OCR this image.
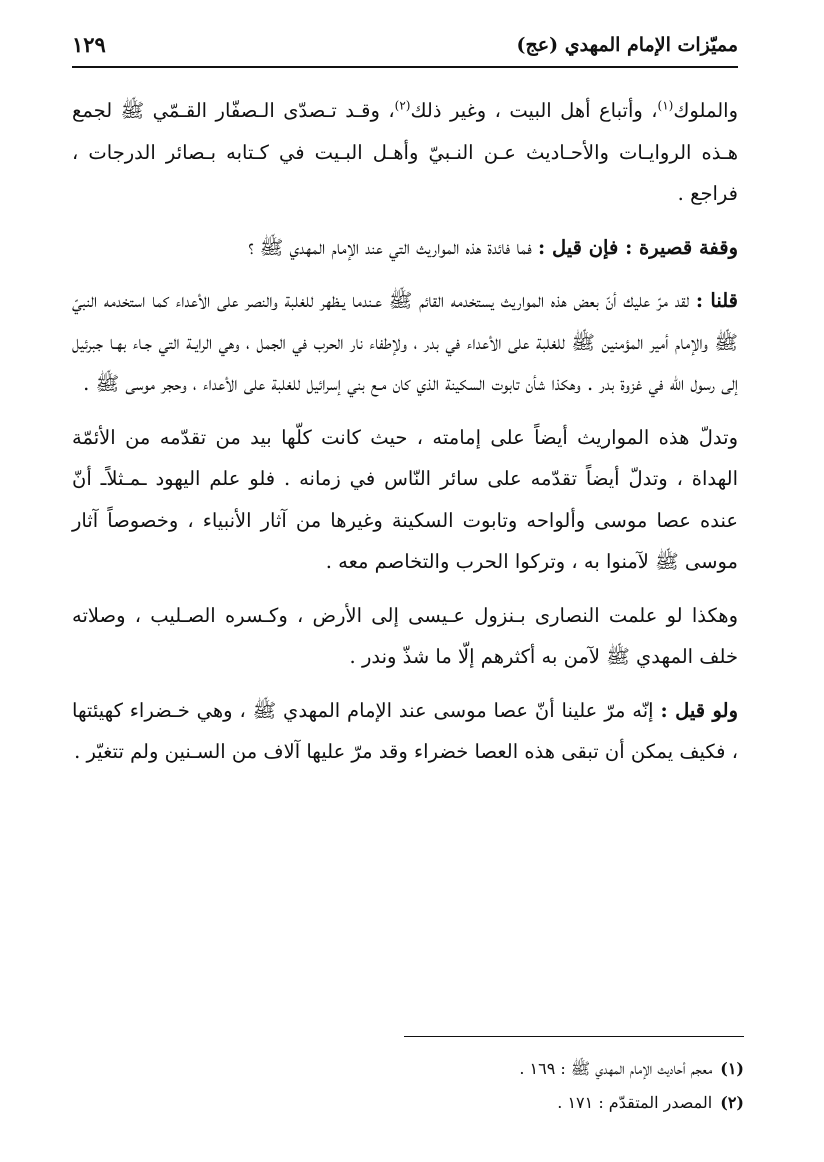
مميّزات الإمام المهدي (عج)
١٢٩

والملوك$^{(١)}$، وأتباع أهل البيت ، وغير ذلك$^{(٢)}$، وقـد تـصدّى الـصفّار القـمّي ﷺ لجمع هـذه الروايـات والأحـاديث عـن النـبيّ وأهـل البـيت في كـتابه بـصائر الدرجات ، فراجع .

وقفة قصيرة : فإن قيل : فما فائدة هذه المواريث التي عند الإمام المهدي ﷺ ؟

قلنا : لقد مرّ عليك أنّ بعض هذه المواريث يستخدمه القائم ﷺ عـندما يـظهر للغلبة والنصر على الأعداء كما استخدمه النبيّ ﷺ والإمام أمير المؤمنين ﷺ للغلبة على الأعداء في بدر ، ولإطفاء نار الحرب في الجمل ، وهي الرايـة التي جـاء بهـا جبرئيل إلى رسول الله في غزوة بدر . وهكذا شأن تابوت السكينة الذي كان مـع بني إسرائيل للغلبة على الأعداء ، وحجر موسى ﷺ .

وتدلّ هذه المواريث أيضاً على إمامته ، حيث كانت كلّها بيد من تقدّمه من الأئمّة الهداة ، وتدلّ أيضاً تقدّمه على سائر النّاس في زمانه . فلو علم اليهود ـمـثلاًـ أنّ عنده عصا موسى وألواحه وتابوت السكينة وغيرها من آثار الأنبياء ، وخصوصاً آثار موسى ﷺ لآمنوا به ، وتركوا الحرب والتخاصم معه .

وهكذا لو علمت النصارى بـنزول عـيسى إلى الأرض ، وكـسره الصـليب ، وصلاته خلف المهدي ﷺ لآمن به أكثرهم إلّا ما شذّ وندر .

ولو قيل : إنّه مرّ علينا أنّ عصا موسى عند الإمام المهدي ﷺ ، وهي خـضراء كهيئتها ، فكيف يمكن أن تبقى هذه العصا خضراء وقد مرّ عليها آلاف من السـنين ولم تتغيّر .

(١)معجم أحاديث الإمام المهدي ﷺ : ١٦٩ .
(٢)المصدر المتقدّم : ١٧١ .
